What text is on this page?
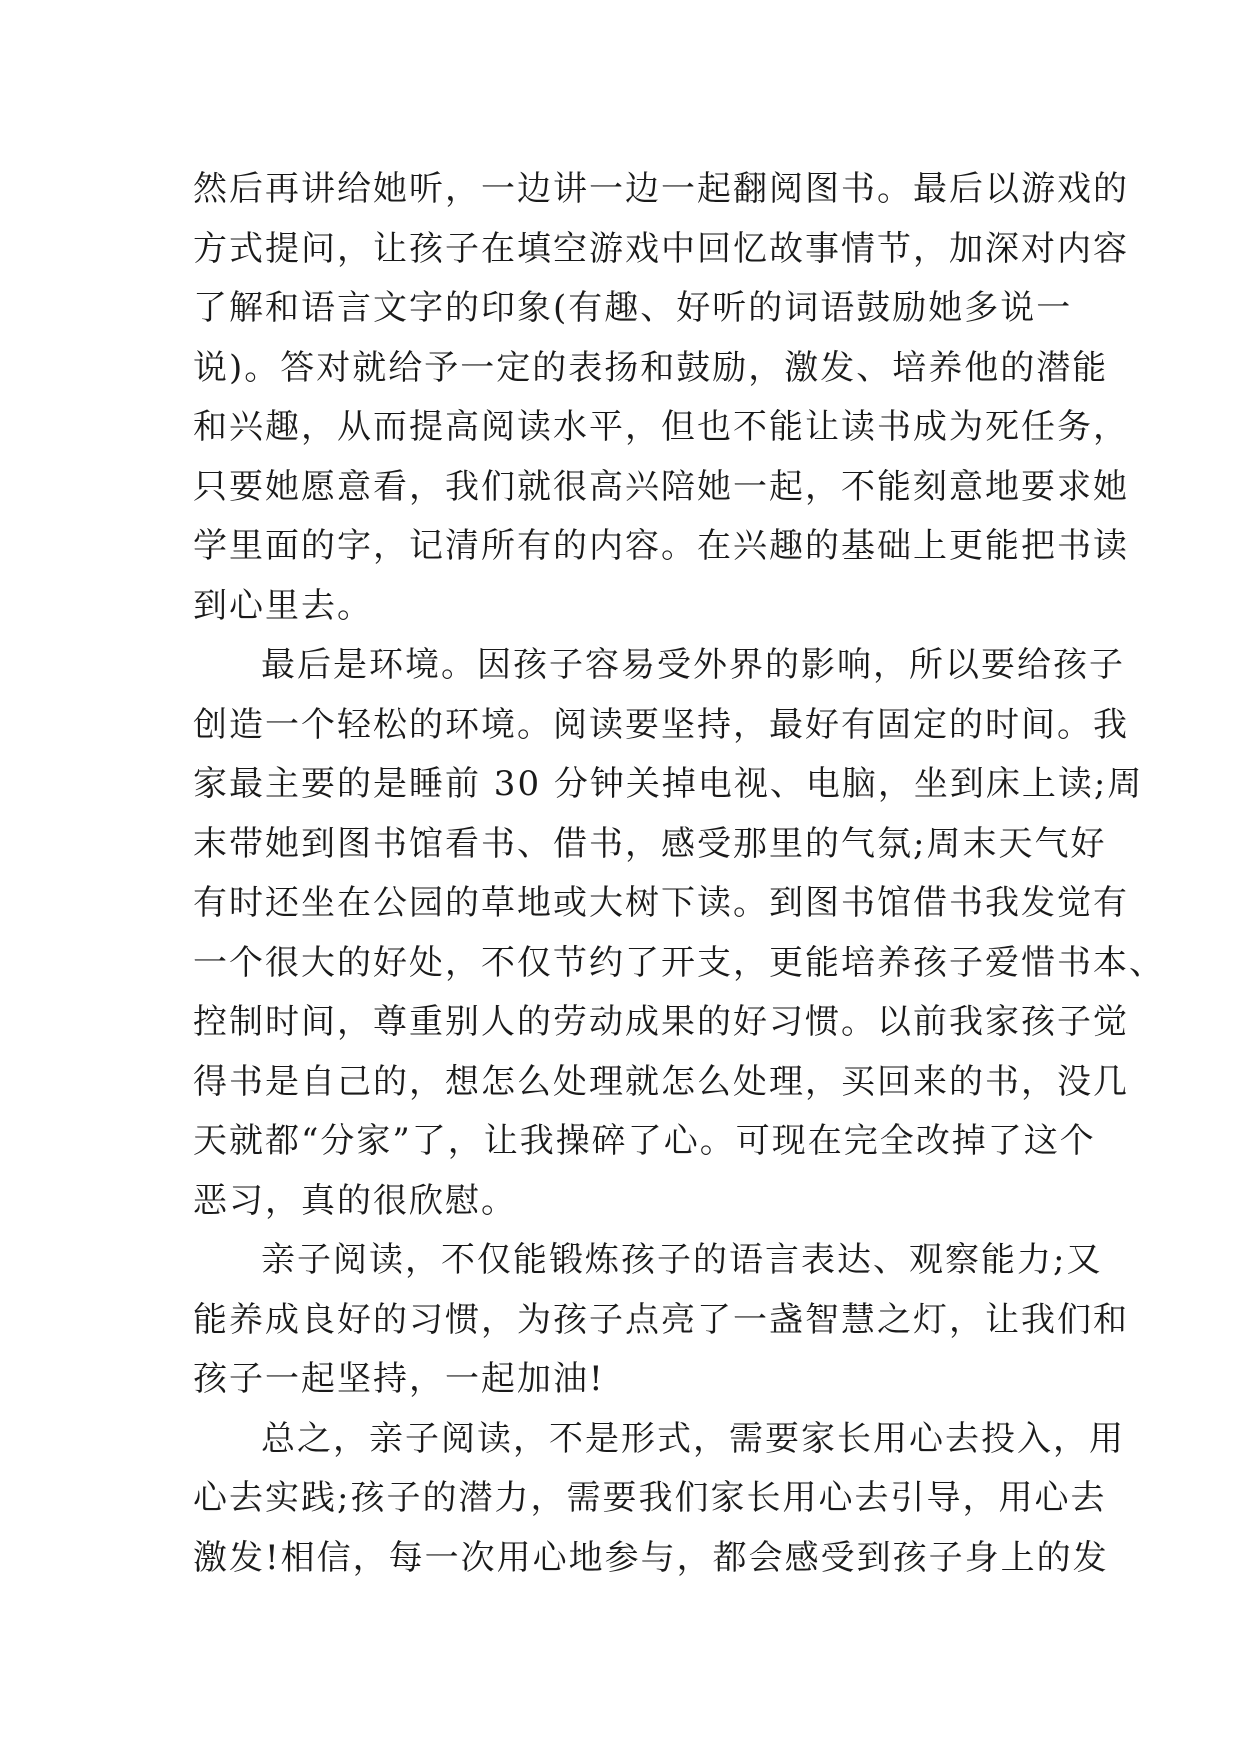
然后再讲给她听，一边讲一边一起翻阅图书。最后以游戏的
方式提问，让孩子在填空游戏中回忆故事情节，加深对内容
了解和语言文字的印象(有趣、好听的词语鼓励她多说一
说)。答对就给予一定的表扬和鼓励，激发、培养他的潜能
和兴趣，从而提高阅读水平，但也不能让读书成为死任务，
只要她愿意看，我们就很高兴陪她一起，不能刻意地要求她
学里面的字，记清所有的内容。在兴趣的基础上更能把书读
到心里去。
最后是环境。因孩子容易受外界的影响，所以要给孩子
创造一个轻松的环境。阅读要坚持，最好有固定的时间。我
家最主要的是睡前 30 分钟关掉电视、电脑，坐到床上读;周
末带她到图书馆看书、借书，感受那里的气氛;周末天气好
有时还坐在公园的草地或大树下读。到图书馆借书我发觉有
一个很大的好处，不仅节约了开支，更能培养孩子爱惜书本、
控制时间，尊重别人的劳动成果的好习惯。以前我家孩子觉
得书是自己的，想怎么处理就怎么处理，买回来的书，没几
天就都“分家”了，让我操碎了心。可现在完全改掉了这个
恶习，真的很欣慰。
亲子阅读，不仅能锻炼孩子的语言表达、观察能力;又
能养成良好的习惯，为孩子点亮了一盏智慧之灯，让我们和
孩子一起坚持，一起加油!
总之，亲子阅读，不是形式，需要家长用心去投入，用
心去实践;孩子的潜力，需要我们家长用心去引导，用心去
激发!相信，每一次用心地参与，都会感受到孩子身上的发
